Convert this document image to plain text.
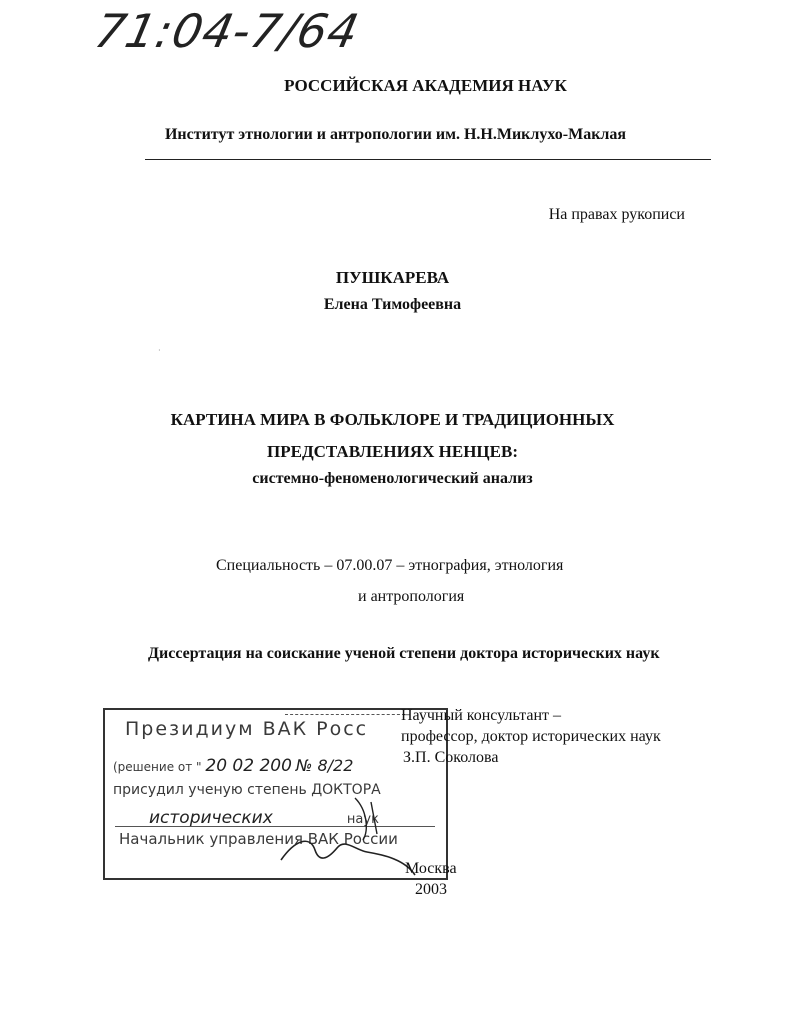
71:04-7/64
РОССИЙСКАЯ АКАДЕМИЯ НАУК
Институт этнологии и антропологии им. Н.Н.Миклухо-Маклая
На правах рукописи
ПУШКАРЕВА
Елена Тимофеевна
·
КАРТИНА МИРА В ФОЛЬКЛОРЕ И ТРАДИЦИОННЫХ
ПРЕДСТАВЛЕНИЯХ НЕНЦЕВ:
системно-феноменологический анализ
Специальность – 07.00.07 – этнография, этнология
и антропология
Диссертация на соискание ученой степени доктора исторических наук
Президиум ВАК Росс
(решение от " 20 02 200 № 8/22
присудил ученую степень ДОКТОРА
исторических	наук
Начальник управления ВАК России
Научный консультант –
профессор, доктор исторических наук
З.П. Соколова
Москва
2003
